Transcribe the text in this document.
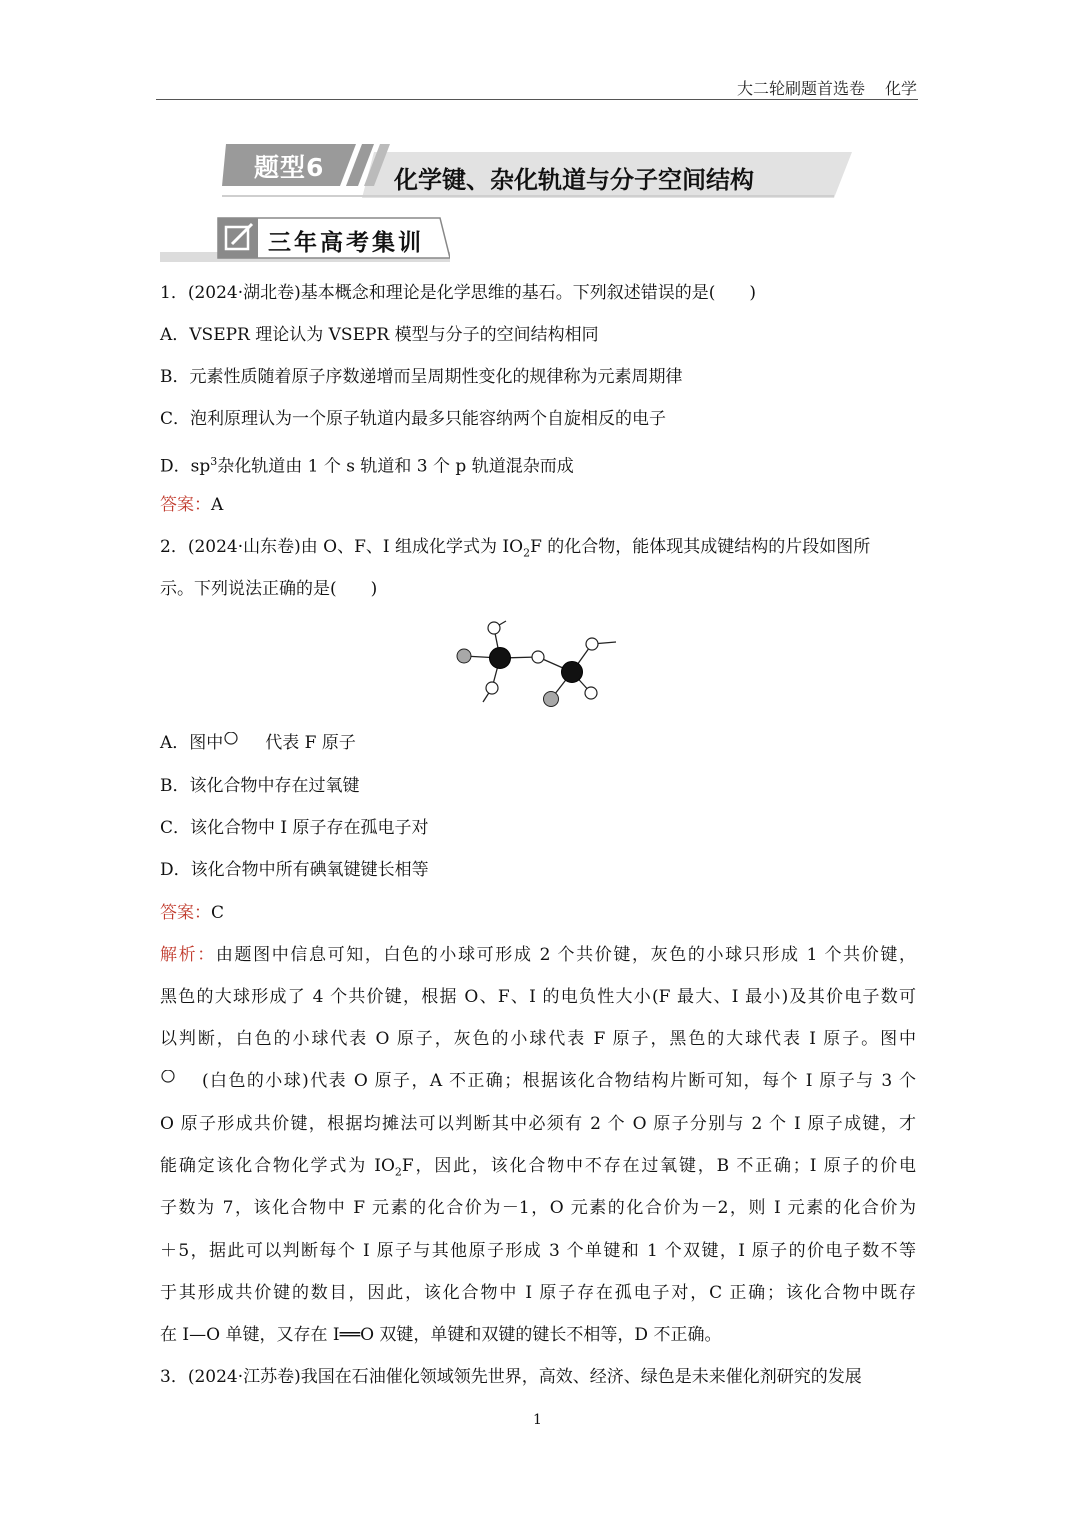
大二轮刷题首选卷 化学
题型6	化学键、杂化轨道与分子空间结构
三年高考集训
1．(2024·湖北卷)基本概念和理论是化学思维的基石。下列叙述错误的是(　　)
A．VSEPR 理论认为 VSEPR 模型与分子的空间结构相同
B．元素性质随着原子序数递增而呈周期性变化的规律称为元素周期律
C．泡利原理认为一个原子轨道内最多只能容纳两个自旋相反的电子
D．$sp^3$杂化轨道由 1 个 s 轨道和 3 个 p 轨道混杂而成
答案：A
2．(2024·山东卷)由 O、F、I 组成化学式为 $IO_2F$ 的化合物，能体现其成键结构的片段如图所
示。下列说法正确的是(　　)
A．图中 代表 F 原子
B．该化合物中存在过氧键
C．该化合物中 I 原子存在孤电子对
D．该化合物中所有碘氧键键长相等
答案：C
解析：由题图中信息可知，白色的小球可形成 2 个共价键，灰色的小球只形成 1 个共价键，
黑色的大球形成了 4 个共价键，根据 O、F、I 的电负性大小(F 最大、I 最小)及其价电子数可
以判断，白色的小球代表 O 原子，灰色的小球代表 F 原子，黑色的大球代表 I 原子。图中
(白色的小球)代表 O 原子，A 不正确；根据该化合物结构片断可知，每个 I 原子与 3 个
O 原子形成共价键，根据均摊法可以判断其中必须有 2 个 O 原子分别与 2 个 I 原子成键，才
能确定该化合物化学式为 $IO_2F$，因此，该化合物中不存在过氧键，B 不正确；I 原子的价电
子数为 7，该化合物中 F 元素的化合价为－1，O 元素的化合价为－2，则 I 元素的化合价为
＋5，据此可以判断每个 I 原子与其他原子形成 3 个单键和 1 个双键，I 原子的价电子数不等
于其形成共价键的数目，因此，该化合物中 I 原子存在孤电子对，C 正确；该化合物中既存
在 I—O 单键，又存在 I══O 双键，单键和双键的键长不相等，D 不正确。
3．(2024·江苏卷)我国在石油催化领域领先世界，高效、经济、绿色是未来催化剂研究的发展
1
